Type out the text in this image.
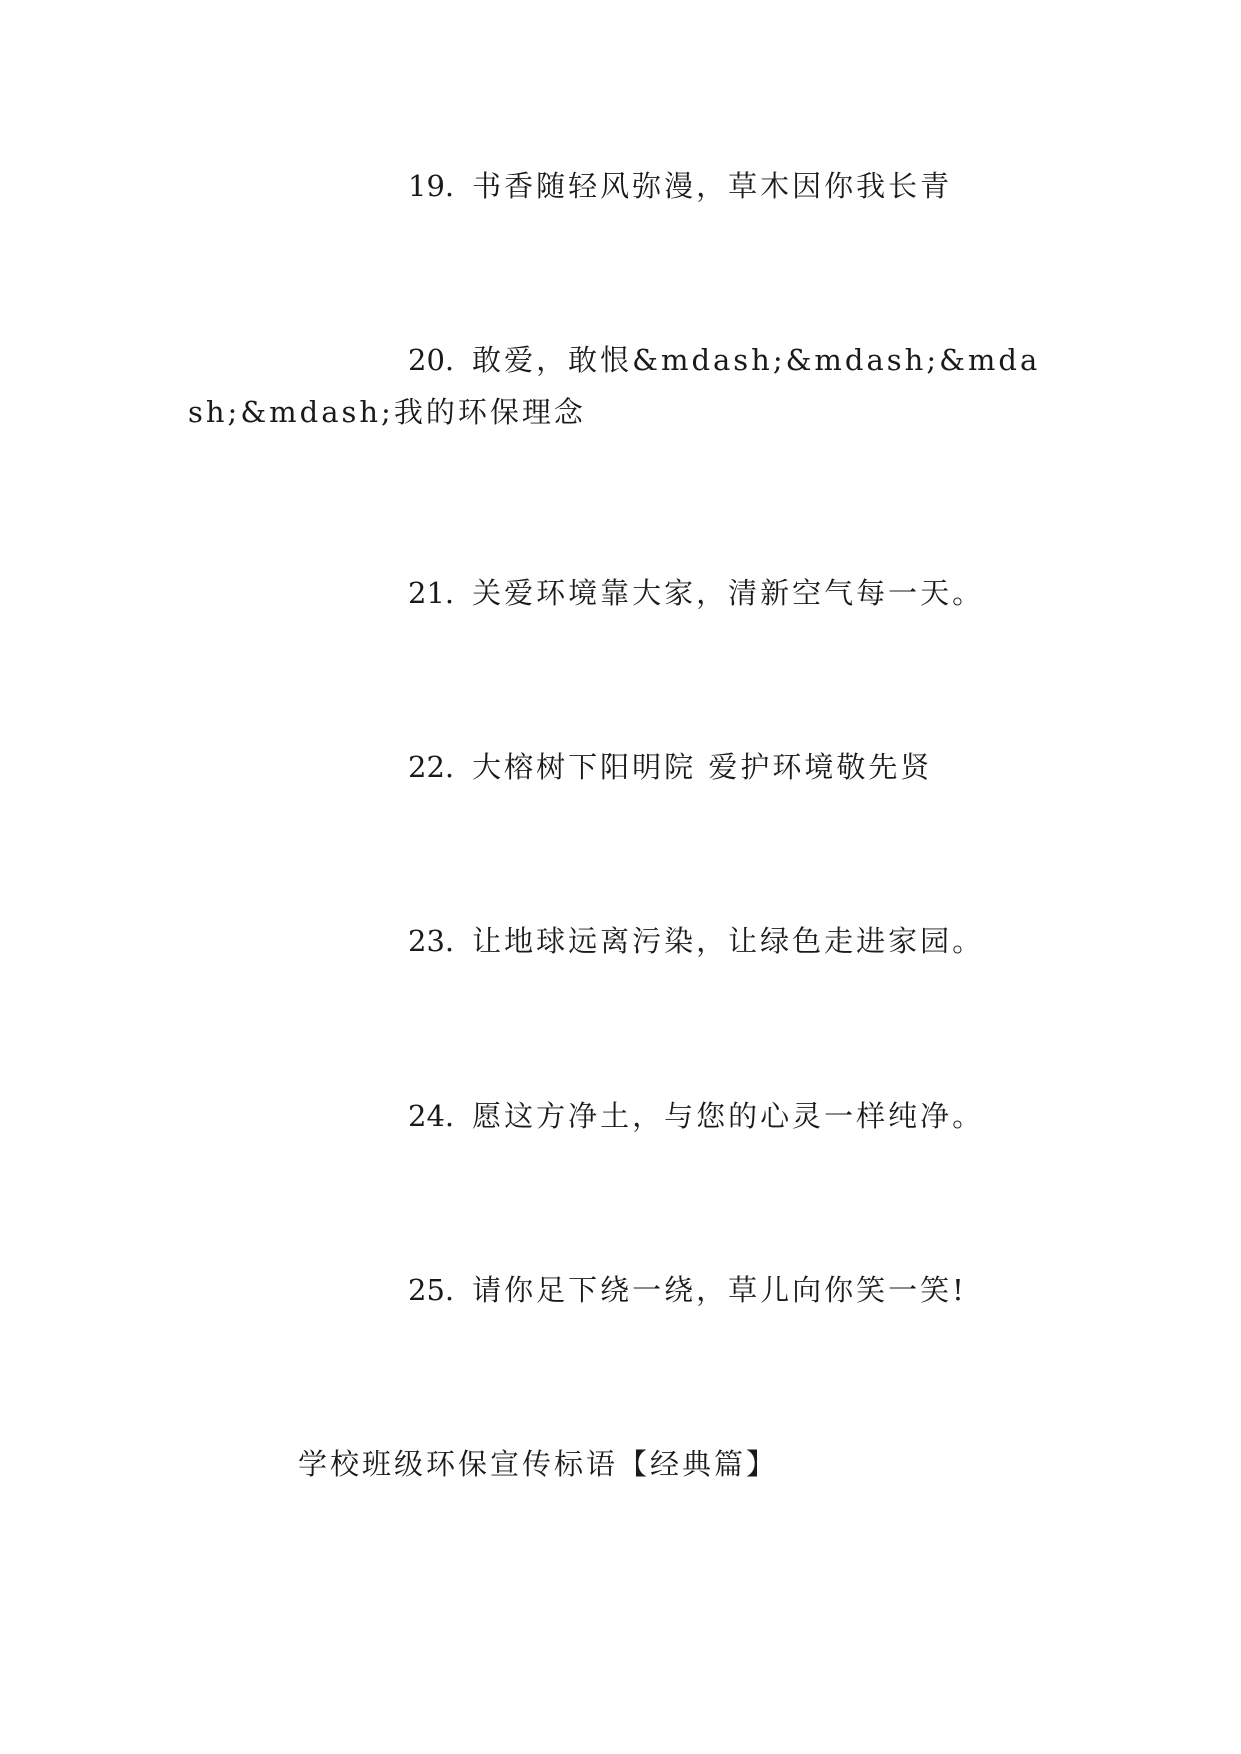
19. 书香随轻风弥漫，草木因你我长青

20. 敢爱，敢恨&mdash;&mdash;&mdash;&mdash;我的环保理念

21. 关爱环境靠大家，清新空气每一天。

22. 大榕树下阳明院 爱护环境敬先贤

23. 让地球远离污染，让绿色走进家园。

24. 愿这方净土，与您的心灵一样纯净。

25. 请你足下绕一绕，草儿向你笑一笑!

学校班级环保宣传标语【经典篇】
